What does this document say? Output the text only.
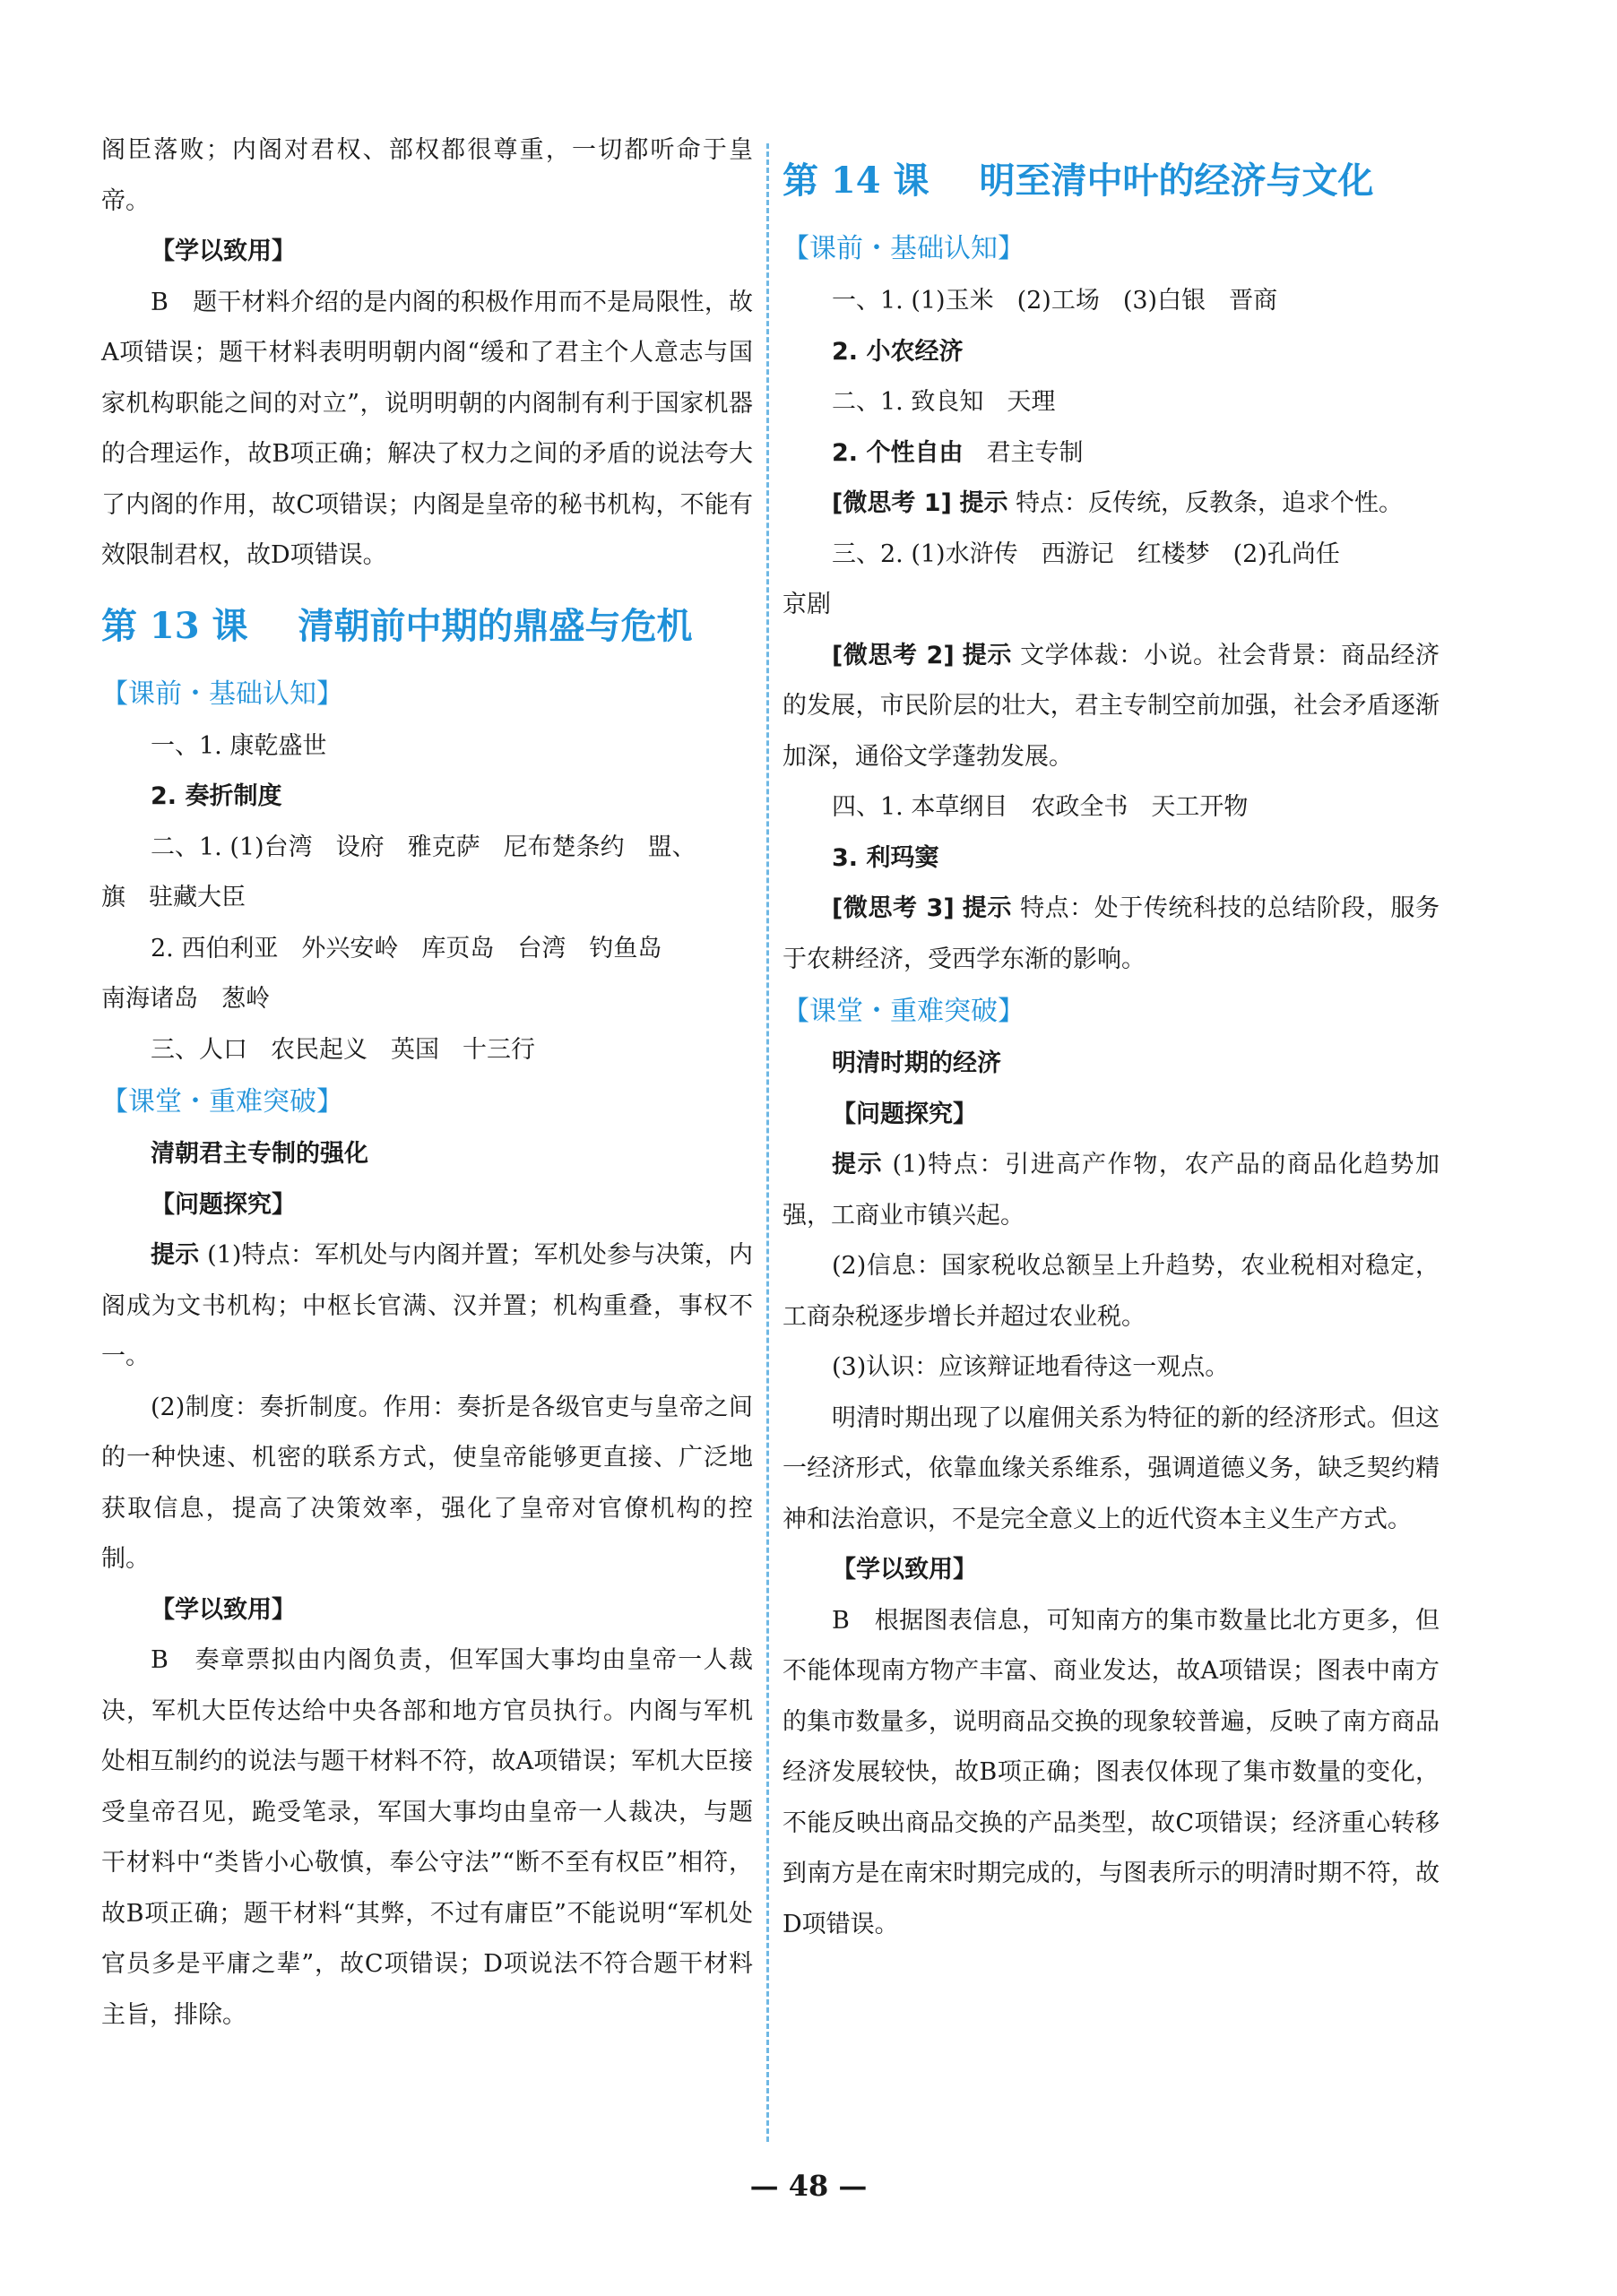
阁臣落败；内阁对君权、部权都很尊重，一切都听命于皇帝。

【学以致用】

B　题干材料介绍的是内阁的积极作用而不是局限性，故A项错误；题干材料表明明朝内阁“缓和了君主个人意志与国家机构职能之间的对立”，说明明朝的内阁制有利于国家机器的合理运作，故B项正确；解决了权力之间的矛盾的说法夸大了内阁的作用，故C项错误；内阁是皇帝的秘书机构，不能有效限制君权，故D项错误。

第 13 课 清朝前中期的鼎盛与危机
【课前・基础认知】
一、1. 康乾盛世
2. 奏折制度
二、1. (1)台湾 设府 雅克萨 尼布楚条约 盟、
旗 驻藏大臣
2. 西伯利亚 外兴安岭 库页岛 台湾 钓鱼岛
南海诸岛 葱岭
三、人口 农民起义 英国 十三行
【课堂・重难突破】
清朝君主专制的强化
【问题探究】

提示 (1)特点：军机处与内阁并置；军机处参与决策，内阁成为文书机构；中枢长官满、汉并置；机构重叠，事权不一。

(2)制度：奏折制度。作用：奏折是各级官吏与皇帝之间的一种快速、机密的联系方式，使皇帝能够更直接、广泛地获取信息，提高了决策效率，强化了皇帝对官僚机构的控制。

【学以致用】

B　奏章票拟由内阁负责，但军国大事均由皇帝一人裁决，军机大臣传达给中央各部和地方官员执行。内阁与军机处相互制约的说法与题干材料不符，故A项错误；军机大臣接受皇帝召见，跪受笔录，军国大事均由皇帝一人裁决，与题干材料中“类皆小心敬慎，奉公守法”“断不至有权臣”相符，故B项正确；题干材料“其弊，不过有庸臣”不能说明“军机处官员多是平庸之辈”，故C项错误；D项说法不符合题干材料主旨，排除。

第 14 课 明至清中叶的经济与文化
【课前・基础认知】
一、1. (1)玉米 (2)工场 (3)白银 晋商
2. 小农经济
二、1. 致良知 天理
2. 个性自由 君主专制

[微思考 1] 提示 特点：反传统，反教条，追求个性。

三、2. (1)水浒传 西游记 红楼梦 (2)孔尚任
京剧

[微思考 2] 提示 文学体裁：小说。社会背景：商品经济的发展，市民阶层的壮大，君主专制空前加强，社会矛盾逐渐加深，通俗文学蓬勃发展。

四、1. 本草纲目 农政全书 天工开物
3. 利玛窦

[微思考 3] 提示 特点：处于传统科技的总结阶段，服务于农耕经济，受西学东渐的影响。

【课堂・重难突破】
明清时期的经济
【问题探究】

提示 (1)特点：引进高产作物，农产品的商品化趋势加强，工商业市镇兴起。

(2)信息：国家税收总额呈上升趋势，农业税相对稳定，工商杂税逐步增长并超过农业税。

(3)认识：应该辩证地看待这一观点。

明清时期出现了以雇佣关系为特征的新的经济形式。但这一经济形式，依靠血缘关系维系，强调道德义务，缺乏契约精神和法治意识，不是完全意义上的近代资本主义生产方式。

【学以致用】

B　根据图表信息，可知南方的集市数量比北方更多，但不能体现南方物产丰富、商业发达，故A项错误；图表中南方的集市数量多，说明商品交换的现象较普遍，反映了南方商品经济发展较快，故B项正确；图表仅体现了集市数量的变化，不能反映出商品交换的产品类型，故C项错误；经济重心转移到南方是在南宋时期完成的，与图表所示的明清时期不符，故D项错误。

— 48 —
